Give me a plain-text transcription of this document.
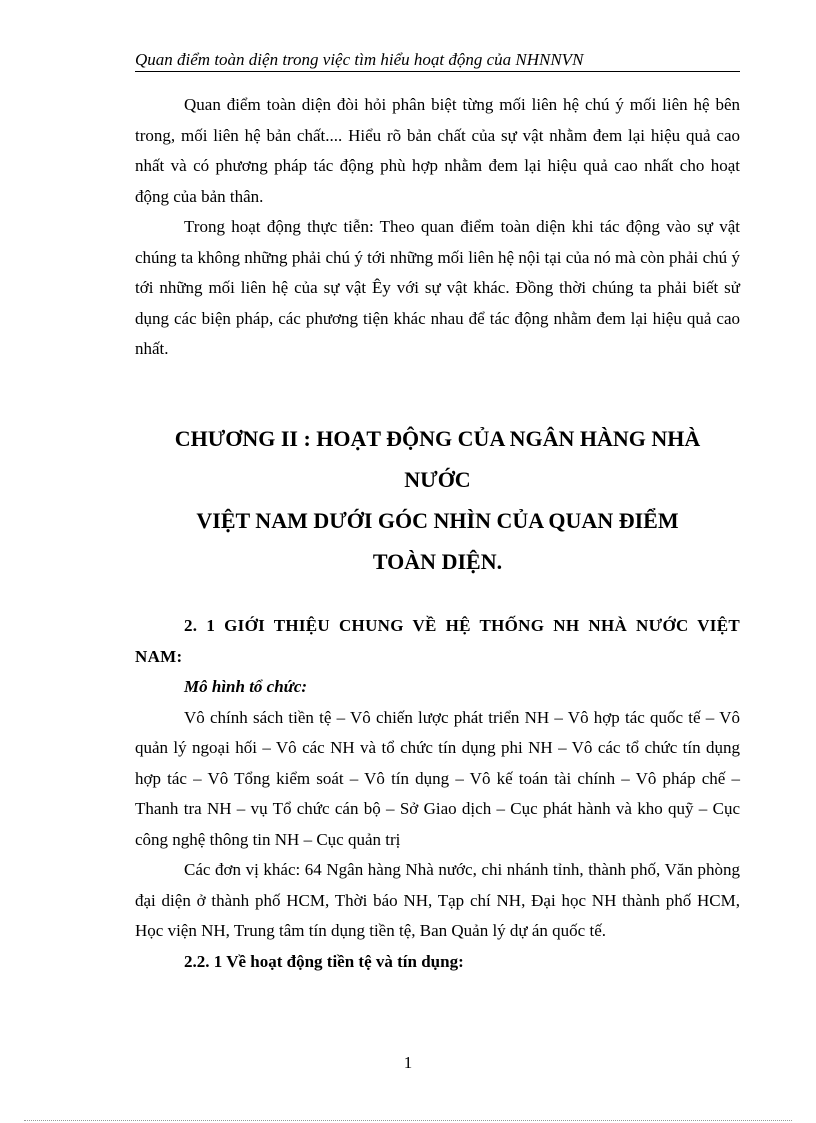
Quan điểm toàn diện trong việc tìm hiểu hoạt động của NHNNVN

Quan điểm toàn diện đòi hỏi phân biệt từng mối liên hệ chú ý mối liên hệ bên trong, mối liên hệ bản chất.... Hiểu rõ bản chất của sự vật nhằm đem lại hiệu quả cao nhất và có phương pháp tác động phù hợp nhằm đem lại hiệu quả cao nhất cho hoạt động của bản thân.

Trong hoạt động thực tiễn: Theo quan điểm toàn diện khi tác động vào sự vật chúng ta không những phải chú ý tới những mối liên hệ nội tại của nó mà còn phải chú ý tới những mối liên hệ của sự vật Êy với sự vật khác. Đồng thời chúng ta phải biết sử dụng các biện pháp, các phương tiện khác nhau để tác động nhằm đem lại hiệu quả cao nhất.

CHƯƠNG II : HOẠT ĐỘNG CỦA NGÂN HÀNG NHÀ
NƯỚC
VIỆT NAM DƯỚI GÓC NHÌN CỦA QUAN ĐIỂM
TOÀN DIỆN.

2. 1 GIỚI THIỆU CHUNG VỀ HỆ THỐNG NH NHÀ NƯỚC VIỆT NAM:

Mô hình tổ chức:

Vô chính sách tiền tệ – Vô chiến lược phát triển NH – Vô hợp tác quốc tế – Vô quản lý ngoại hối – Vô các NH và tổ chức tín dụng phi NH – Vô các tổ chức tín dụng hợp tác – Vô Tổng kiểm soát – Vô tín dụng – Vô kế toán tài chính – Vô pháp chế – Thanh tra NH – vụ Tổ chức cán bộ – Sở Giao dịch – Cục phát hành và kho quỹ – Cục công nghệ thông tin NH – Cục quản trị

Các đơn vị khác: 64 Ngân hàng Nhà nước, chi nhánh tỉnh, thành phố, Văn phòng đại diện ở thành phố HCM, Thời báo NH, Tạp chí NH, Đại học NH thành phố HCM, Học viện NH, Trung tâm tín dụng tiền tệ, Ban Quản lý dự án quốc tế.

2.2. 1 Về hoạt động tiền tệ và tín dụng:

1
